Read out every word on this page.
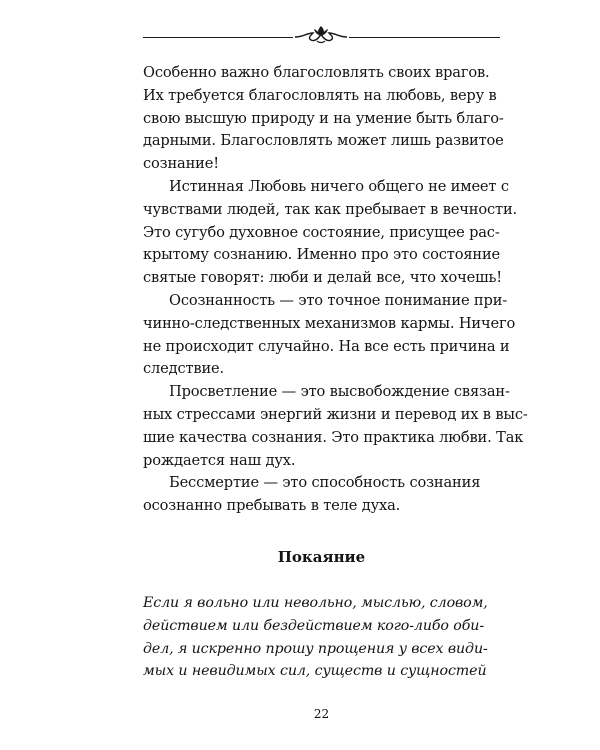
Особенно важно благословлять своих врагов.
Их требуется благословлять на любовь, веру в
свою высшую природу и на умение быть благо-
дарными. Благословлять может лишь развитое
сознание!
Истинная Любовь ничего общего не имеет с
чувствами людей, так как пребывает в вечности.
Это сугубо духовное состояние, присущее рас-
крытому сознанию. Именно про это состояние
святые говорят: люби и делай все, что хочешь!
Осознанность — это точное понимание при-
чинно-следственных механизмов кармы. Ничего
не происходит случайно. На все есть причина и
следствие.
Просветление — это высвобождение связан-
ных стрессами энергий жизни и перевод их в выс-
шие качества сознания. Это практика любви. Так
рождается наш дух.
Бессмертие — это способность сознания
осознанно пребывать в теле духа.
Покаяние
Если я вольно или невольно, мыслью, словом,
действием или бездействием кого-либо оби-
дел, я искренно прошу прощения у всех види-
мых и невидимых сил, существ и сущностей
22
